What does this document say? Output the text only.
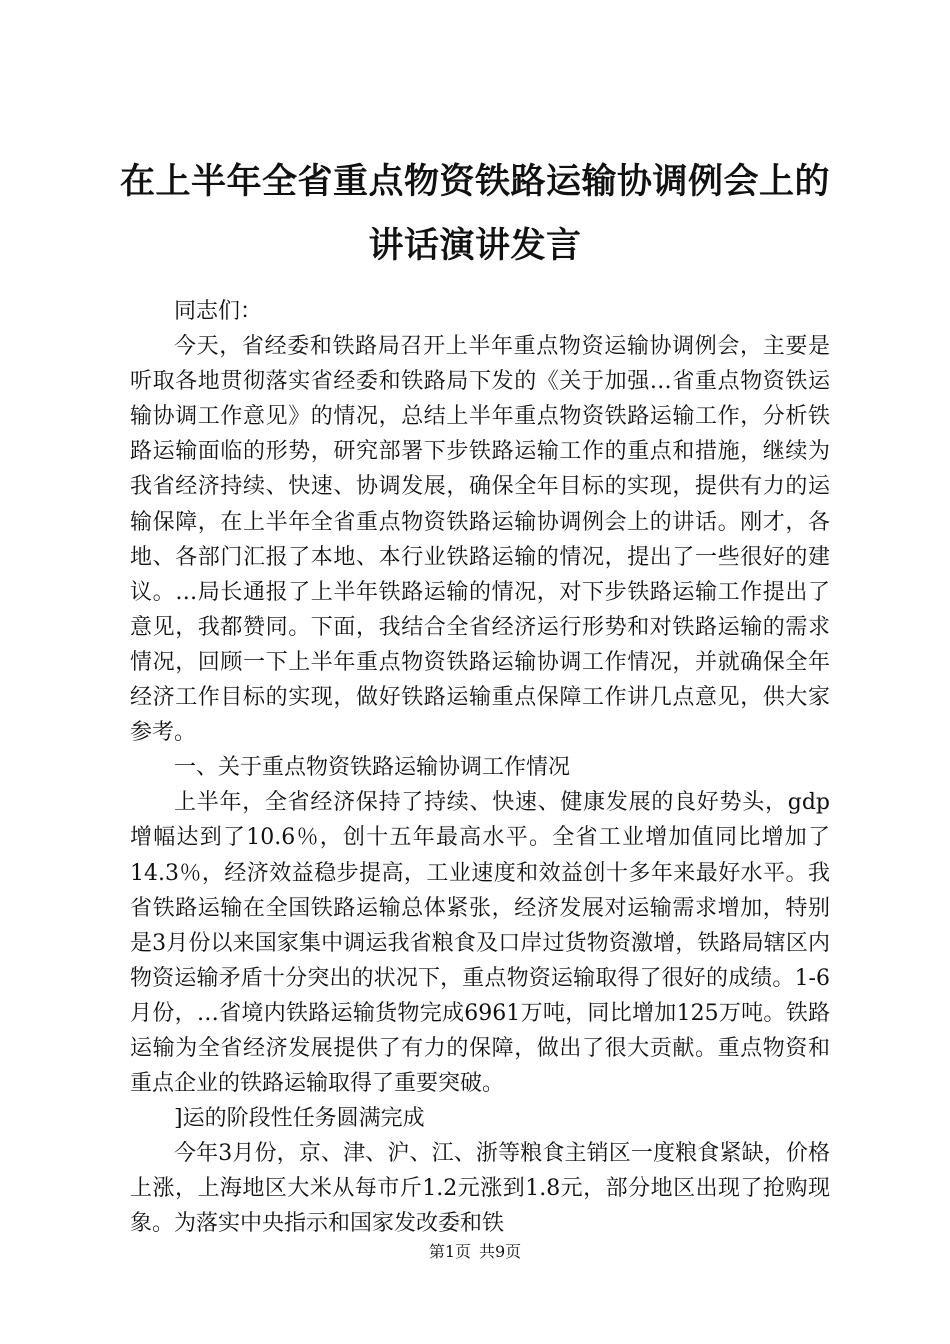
在上半年全省重点物资铁路运输协调例会上的
讲话演讲发言

同志们：

今天，省经委和铁路局召开上半年重点物资运输协调例会，主要是听取各地贯彻落实省经委和铁路局下发的《关于加强…省重点物资铁运输协调工作意见》的情况，总结上半年重点物资铁路运输工作，分析铁路运输面临的形势，研究部署下步铁路运输工作的重点和措施，继续为我省经济持续、快速、协调发展，确保全年目标的实现，提供有力的运输保障，在上半年全省重点物资铁路运输协调例会上的讲话。刚才，各地、各部门汇报了本地、本行业铁路运输的情况，提出了一些很好的建议。…局长通报了上半年铁路运输的情况，对下步铁路运输工作提出了意见，我都赞同。下面，我结合全省经济运行形势和对铁路运输的需求情况，回顾一下上半年重点物资铁路运输协调工作情况，并就确保全年经济工作目标的实现，做好铁路运输重点保障工作讲几点意见，供大家参考。

一、关于重点物资铁路运输协调工作情况

上半年，全省经济保持了持续、快速、健康发展的良好势头，gdp增幅达到了10.6％，创十五年最高水平。全省工业增加值同比增加了14.3％，经济效益稳步提高，工业速度和效益创十多年来最好水平。我省铁路运输在全国铁路运输总体紧张，经济发展对运输需求增加，特别是3月份以来国家集中调运我省粮食及口岸过货物资激增，铁路局辖区内物资运输矛盾十分突出的状况下，重点物资运输取得了很好的成绩。1-6月份，…省境内铁路运输货物完成6961万吨，同比增加125万吨。铁路运输为全省经济发展提供了有力的保障，做出了很大贡献。重点物资和重点企业的铁路运输取得了重要突破。

]运的阶段性任务圆满完成

今年3月份，京、津、沪、江、浙等粮食主销区一度粮食紧缺，价格上涨，上海地区大米从每市斤1.2元涨到1.8元，部分地区出现了抢购现象。为落实中央指示和国家发改委和铁

第1页 共9页
